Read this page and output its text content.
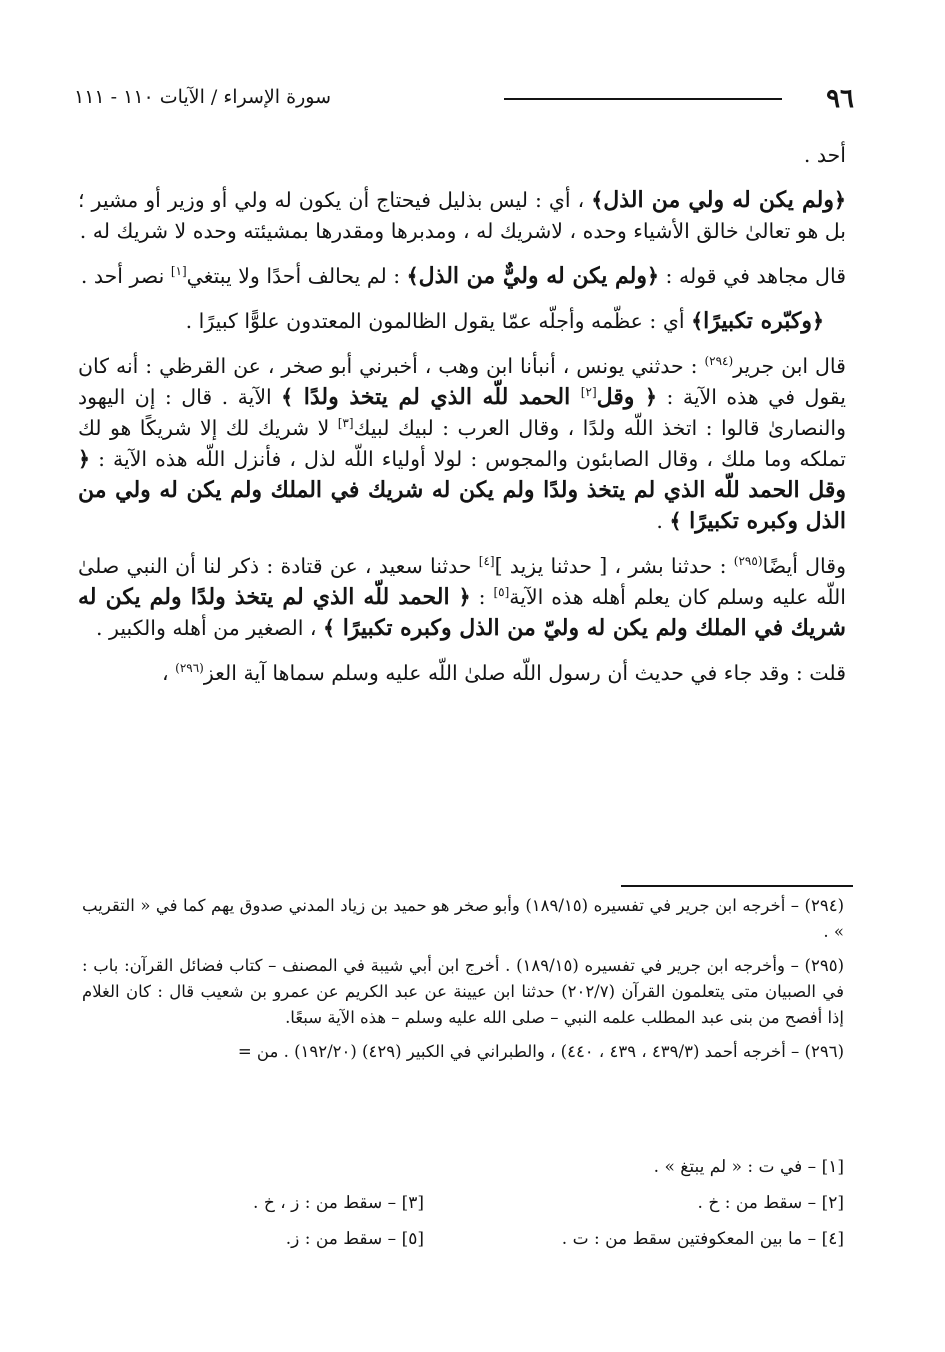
٩٦
سورة الإسراء / الآيات ١١٠ - ١١١

أحد .

﴿ولم يكن له ولي من الذل﴾ ، أي : ليس بذليل فيحتاج أن يكون له ولي أو وزير أو مشير ؛ بل هو تعالىٰ خالق الأشياء وحده ، لاشريك له ، ومدبرها ومقدرها بمشيئته وحده لا شريك له .

قال مجاهد في قوله : ﴿ولم يكن له وليٌّ من الذل﴾ : لم يحالف أحدًا ولا يبتغي[١] نصر أحد .

﴿وكبّره تكبيرًا﴾ أي : عظّمه وأجلّه عمّا يقول الظالمون المعتدون علوًّا كبيرًا .

قال ابن جرير$^{(٢٩٤)}$ : حدثني يونس ، أنبأنا ابن وهب ، أخبرني أبو صخر ، عن القرظي : أنه كان يقول في هذه الآية : ﴿ وقل[٢] الحمد للّه الذي لم يتخذ ولدًا ﴾ الآية . قال : إن اليهود والنصارىٰ قالوا : اتخذ اللّه ولدًا ، وقال العرب : لبيك لبيك[٣] لا شريك لك إلا شريكًا هو لك تملكه وما ملك ، وقال الصابئون والمجوس : لولا أولياء اللّه لذل ، فأنزل اللّه هذه الآية : ﴿ وقل الحمد للّه الذي لم يتخذ ولدًا ولم يكن له شريك في الملك ولم يكن له ولي من الذل وكبره تكبيرًا ﴾ .

وقال أيضًا$^{(٢٩٥)}$ : حدثنا بشر ، [ حدثنا يزيد ][٤] حدثنا سعيد ، عن قتادة : ذكر لنا أن النبي صلىٰ اللّه عليه وسلم كان يعلم أهله هذه الآية[٥] : ﴿ الحمد للّه الذي لم يتخذ ولدًا ولم يكن له شريك في الملك ولم يكن له وليّ من الذل وكبره تكبيرًا ﴾ ، الصغير من أهله والكبير .

قلت : وقد جاء في حديث أن رسول اللّه صلىٰ اللّه عليه وسلم سماها آية العز$^{(٢٩٦)}$ ،

(٢٩٤) – أخرجه ابن جرير في تفسيره (١٨٩/١٥) وأبو صخر هو حميد بن زياد المدني صدوق يهم كما في « التقريب » .

(٢٩٥) – وأخرجه ابن جرير في تفسيره (١٨٩/١٥) . أخرج ابن أبي شيبة في المصنف – كتاب فضائل القرآن: باب : في الصبيان متى يتعلمون القرآن (٢٠٢/٧) حدثنا ابن عيينة عن عبد الكريم عن عمرو بن شعيب قال : كان الغلام إذا أفصح من بنى عبد المطلب علمه النبي – صلى الله عليه وسلم – هذه الآية سبعًا.

(٢٩٦) – أخرجه أحمد (٤٣٩/٣ ، ٤٣٩ ، ٤٤٠) ، والطبراني في الكبير (٤٢٩) (١٩٢/٢٠) . من =

[١] – في ت : « لم يبتغ » .
[٢] – سقط من : خ .
[٣] – سقط من : ز ، خ .
[٤] – ما بين المعكوفتين سقط من : ت .
[٥] – سقط من : ز.
